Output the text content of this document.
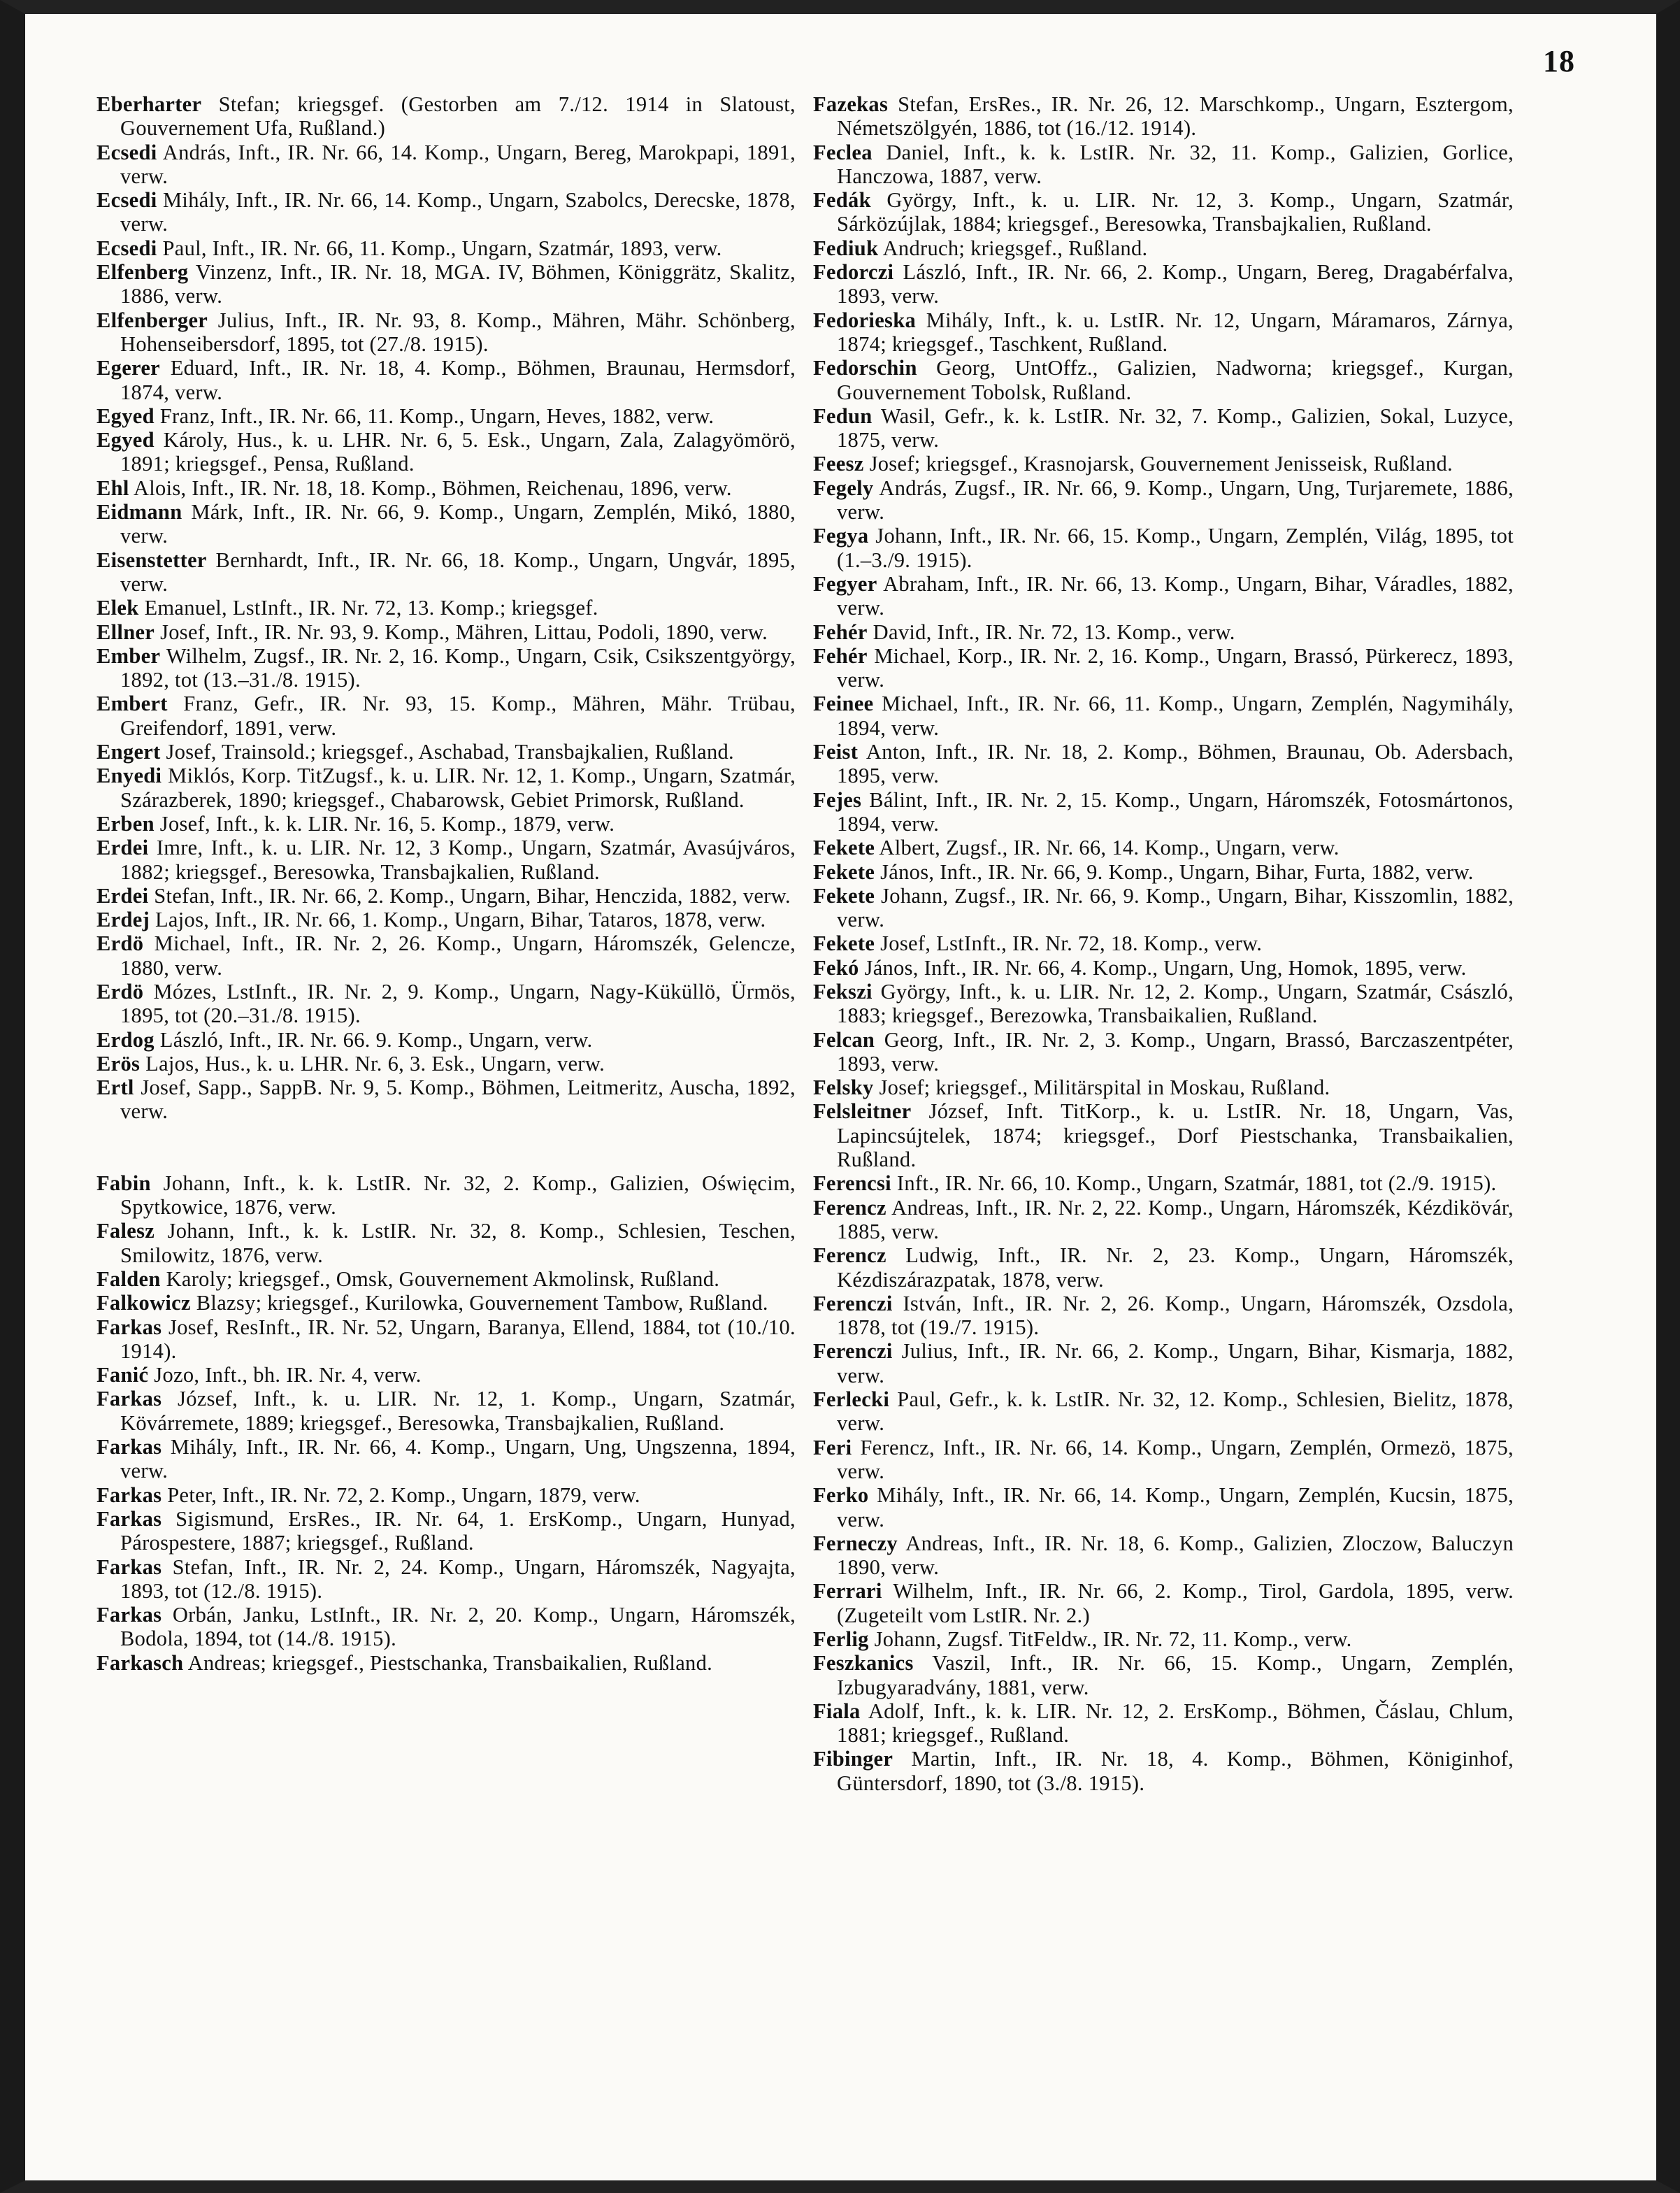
18
Eberharter Stefan; kriegsgef. (Gestorben am 7./12. 1914 in Slatoust, Gouvernement Ufa, Rußland.)
Ecsedi András, Inft., IR. Nr. 66, 14. Komp., Ungarn, Bereg, Marokpapi, 1891, verw.
Ecsedi Mihály, Inft., IR. Nr. 66, 14. Komp., Ungarn, Szabolcs, Derecske, 1878, verw.
Ecsedi Paul, Inft., IR. Nr. 66, 11. Komp., Ungarn, Szatmár, 1893, verw.
Elfenberg Vinzenz, Inft., IR. Nr. 18, MGA. IV, Böhmen, Königgrätz, Skalitz, 1886, verw.
Elfenberger Julius, Inft., IR. Nr. 93, 8. Komp., Mähren, Mähr. Schönberg, Hohenseibersdorf, 1895, tot (27./8. 1915).
Egerer Eduard, Inft., IR. Nr. 18, 4. Komp., Böhmen, Braunau, Hermsdorf, 1874, verw.
Egyed Franz, Inft., IR. Nr. 66, 11. Komp., Ungarn, Heves, 1882, verw.
Egyed Károly, Hus., k. u. LHR. Nr. 6, 5. Esk., Ungarn, Zala, Zalagyömörö, 1891; kriegsgef., Pensa, Rußland.
Ehl Alois, Inft., IR. Nr. 18, 18. Komp., Böhmen, Reichenau, 1896, verw.
Eidmann Márk, Inft., IR. Nr. 66, 9. Komp., Ungarn, Zemplén, Mikó, 1880, verw.
Eisenstetter Bernhardt, Inft., IR. Nr. 66, 18. Komp., Ungarn, Ungvár, 1895, verw.
Elek Emanuel, LstInft., IR. Nr. 72, 13. Komp.; kriegsgef.
Ellner Josef, Inft., IR. Nr. 93, 9. Komp., Mähren, Littau, Podoli, 1890, verw.
Ember Wilhelm, Zugsf., IR. Nr. 2, 16. Komp., Ungarn, Csik, Csikszentgyörgy, 1892, tot (13.–31./8. 1915).
Embert Franz, Gefr., IR. Nr. 93, 15. Komp., Mähren, Mähr. Trübau, Greifendorf, 1891, verw.
Engert Josef, Trainsold.; kriegsgef., Aschabad, Transbajkalien, Rußland.
Enyedi Miklós, Korp. TitZugsf., k. u. LIR. Nr. 12, 1. Komp., Ungarn, Szatmár, Szárazberek, 1890; kriegsgef., Chabarowsk, Gebiet Primorsk, Rußland.
Erben Josef, Inft., k. k. LIR. Nr. 16, 5. Komp., 1879, verw.
Erdei Imre, Inft., k. u. LIR. Nr. 12, 3 Komp., Ungarn, Szatmár, Avasújváros, 1882; kriegsgef., Beresowka, Transbajkalien, Rußland.
Erdei Stefan, Inft., IR. Nr. 66, 2. Komp., Ungarn, Bihar, Henczida, 1882, verw.
Erdej Lajos, Inft., IR. Nr. 66, 1. Komp., Ungarn, Bihar, Tataros, 1878, verw.
Erdö Michael, Inft., IR. Nr. 2, 26. Komp., Ungarn, Háromszék, Gelencze, 1880, verw.
Erdö Mózes, LstInft., IR. Nr. 2, 9. Komp., Ungarn, Nagy-Küküllö, Ürmös, 1895, tot (20.–31./8. 1915).
Erdog László, Inft., IR. Nr. 66. 9. Komp., Ungarn, verw.
Erös Lajos, Hus., k. u. LHR. Nr. 6, 3. Esk., Ungarn, verw.
Ertl Josef, Sapp., SappB. Nr. 9, 5. Komp., Böhmen, Leitmeritz, Auscha, 1892, verw.
Fabin Johann, Inft., k. k. LstIR. Nr. 32, 2. Komp., Galizien, Oświęcim, Spytkowice, 1876, verw.
Falesz Johann, Inft., k. k. LstIR. Nr. 32, 8. Komp., Schlesien, Teschen, Smilowitz, 1876, verw.
Falden Karoly; kriegsgef., Omsk, Gouvernement Akmolinsk, Rußland.
Falkowicz Blazsy; kriegsgef., Kurilowka, Gouvernement Tambow, Rußland.
Farkas Josef, ResInft., IR. Nr. 52, Ungarn, Baranya, Ellend, 1884, tot (10./10. 1914).
Fanić Jozo, Inft., bh. IR. Nr. 4, verw.
Farkas József, Inft., k. u. LIR. Nr. 12, 1. Komp., Ungarn, Szatmár, Kövárremete, 1889; kriegsgef., Beresowka, Transbajkalien, Rußland.
Farkas Mihály, Inft., IR. Nr. 66, 4. Komp., Ungarn, Ung, Ungszenna, 1894, verw.
Farkas Peter, Inft., IR. Nr. 72, 2. Komp., Ungarn, 1879, verw.
Farkas Sigismund, ErsRes., IR. Nr. 64, 1. ErsKomp., Ungarn, Hunyad, Párospestere, 1887; kriegsgef., Rußland.
Farkas Stefan, Inft., IR. Nr. 2, 24. Komp., Ungarn, Háromszék, Nagyajta, 1893, tot (12./8. 1915).
Farkas Orbán, Janku, LstInft., IR. Nr. 2, 20. Komp., Ungarn, Háromszék, Bodola, 1894, tot (14./8. 1915).
Farkasch Andreas; kriegsgef., Piestschanka, Transbaikalien, Rußland.
Fazekas Stefan, ErsRes., IR. Nr. 26, 12. Marschkomp., Ungarn, Esztergom, Németszölgyén, 1886, tot (16./12. 1914).
Feclea Daniel, Inft., k. k. LstIR. Nr. 32, 11. Komp., Galizien, Gorlice, Hanczowa, 1887, verw.
Fedák György, Inft., k. u. LIR. Nr. 12, 3. Komp., Ungarn, Szatmár, Sárközújlak, 1884; kriegsgef., Beresowka, Transbajkalien, Rußland.
Fediuk Andruch; kriegsgef., Rußland.
Fedorczi László, Inft., IR. Nr. 66, 2. Komp., Ungarn, Bereg, Dragabérfalva, 1893, verw.
Fedorieska Mihály, Inft., k. u. LstIR. Nr. 12, Ungarn, Máramaros, Zárnya, 1874; kriegsgef., Taschkent, Rußland.
Fedorschin Georg, UntOffz., Galizien, Nadworna; kriegsgef., Kurgan, Gouvernement Tobolsk, Rußland.
Fedun Wasil, Gefr., k. k. LstIR. Nr. 32, 7. Komp., Galizien, Sokal, Luzyce, 1875, verw.
Feesz Josef; kriegsgef., Krasnojarsk, Gouvernement Jenisseisk, Rußland.
Fegely András, Zugsf., IR. Nr. 66, 9. Komp., Ungarn, Ung, Turjaremete, 1886, verw.
Fegya Johann, Inft., IR. Nr. 66, 15. Komp., Ungarn, Zemplén, Világ, 1895, tot (1.–3./9. 1915).
Fegyer Abraham, Inft., IR. Nr. 66, 13. Komp., Ungarn, Bihar, Váradles, 1882, verw.
Fehér David, Inft., IR. Nr. 72, 13. Komp., verw.
Fehér Michael, Korp., IR. Nr. 2, 16. Komp., Ungarn, Brassó, Pürkerecz, 1893, verw.
Feinee Michael, Inft., IR. Nr. 66, 11. Komp., Ungarn, Zemplén, Nagymihály, 1894, verw.
Feist Anton, Inft., IR. Nr. 18, 2. Komp., Böhmen, Braunau, Ob. Adersbach, 1895, verw.
Fejes Bálint, Inft., IR. Nr. 2, 15. Komp., Ungarn, Háromszék, Fotosmártonos, 1894, verw.
Fekete Albert, Zugsf., IR. Nr. 66, 14. Komp., Ungarn, verw.
Fekete János, Inft., IR. Nr. 66, 9. Komp., Ungarn, Bihar, Furta, 1882, verw.
Fekete Johann, Zugsf., IR. Nr. 66, 9. Komp., Ungarn, Bihar, Kisszomlin, 1882, verw.
Fekete Josef, LstInft., IR. Nr. 72, 18. Komp., verw.
Fekó János, Inft., IR. Nr. 66, 4. Komp., Ungarn, Ung, Homok, 1895, verw.
Fekszi György, Inft., k. u. LIR. Nr. 12, 2. Komp., Ungarn, Szatmár, Császló, 1883; kriegsgef., Berezowka, Transbaikalien, Rußland.
Felcan Georg, Inft., IR. Nr. 2, 3. Komp., Ungarn, Brassó, Barczaszentpéter, 1893, verw.
Felsky Josef; kriegsgef., Militärspital in Moskau, Rußland.
Felsleitner József, Inft. TitKorp., k. u. LstIR. Nr. 18, Ungarn, Vas, Lapincsújtelek, 1874; kriegsgef., Dorf Piestschanka, Transbaikalien, Rußland.
Ferencsi Inft., IR. Nr. 66, 10. Komp., Ungarn, Szatmár, 1881, tot (2./9. 1915).
Ferencz Andreas, Inft., IR. Nr. 2, 22. Komp., Ungarn, Háromszék, Kézdikövár, 1885, verw.
Ferencz Ludwig, Inft., IR. Nr. 2, 23. Komp., Ungarn, Háromszék, Kézdiszárazpatak, 1878, verw.
Ferenczi István, Inft., IR. Nr. 2, 26. Komp., Ungarn, Háromszék, Ozsdola, 1878, tot (19./7. 1915).
Ferenczi Julius, Inft., IR. Nr. 66, 2. Komp., Ungarn, Bihar, Kismarja, 1882, verw.
Ferlecki Paul, Gefr., k. k. LstIR. Nr. 32, 12. Komp., Schlesien, Bielitz, 1878, verw.
Feri Ferencz, Inft., IR. Nr. 66, 14. Komp., Ungarn, Zemplén, Ormezö, 1875, verw.
Ferko Mihály, Inft., IR. Nr. 66, 14. Komp., Ungarn, Zemplén, Kucsin, 1875, verw.
Ferneczy Andreas, Inft., IR. Nr. 18, 6. Komp., Galizien, Zloczow, Baluczyn 1890, verw.
Ferrari Wilhelm, Inft., IR. Nr. 66, 2. Komp., Tirol, Gardola, 1895, verw. (Zugeteilt vom LstIR. Nr. 2.)
Ferlig Johann, Zugsf. TitFeldw., IR. Nr. 72, 11. Komp., verw.
Feszkanics Vaszil, Inft., IR. Nr. 66, 15. Komp., Ungarn, Zemplén, Izbugyaradvány, 1881, verw.
Fiala Adolf, Inft., k. k. LIR. Nr. 12, 2. ErsKomp., Böhmen, Čáslau, Chlum, 1881; kriegsgef., Rußland.
Fibinger Martin, Inft., IR. Nr. 18, 4. Komp., Böhmen, Königinhof, Güntersdorf, 1890, tot (3./8. 1915).
